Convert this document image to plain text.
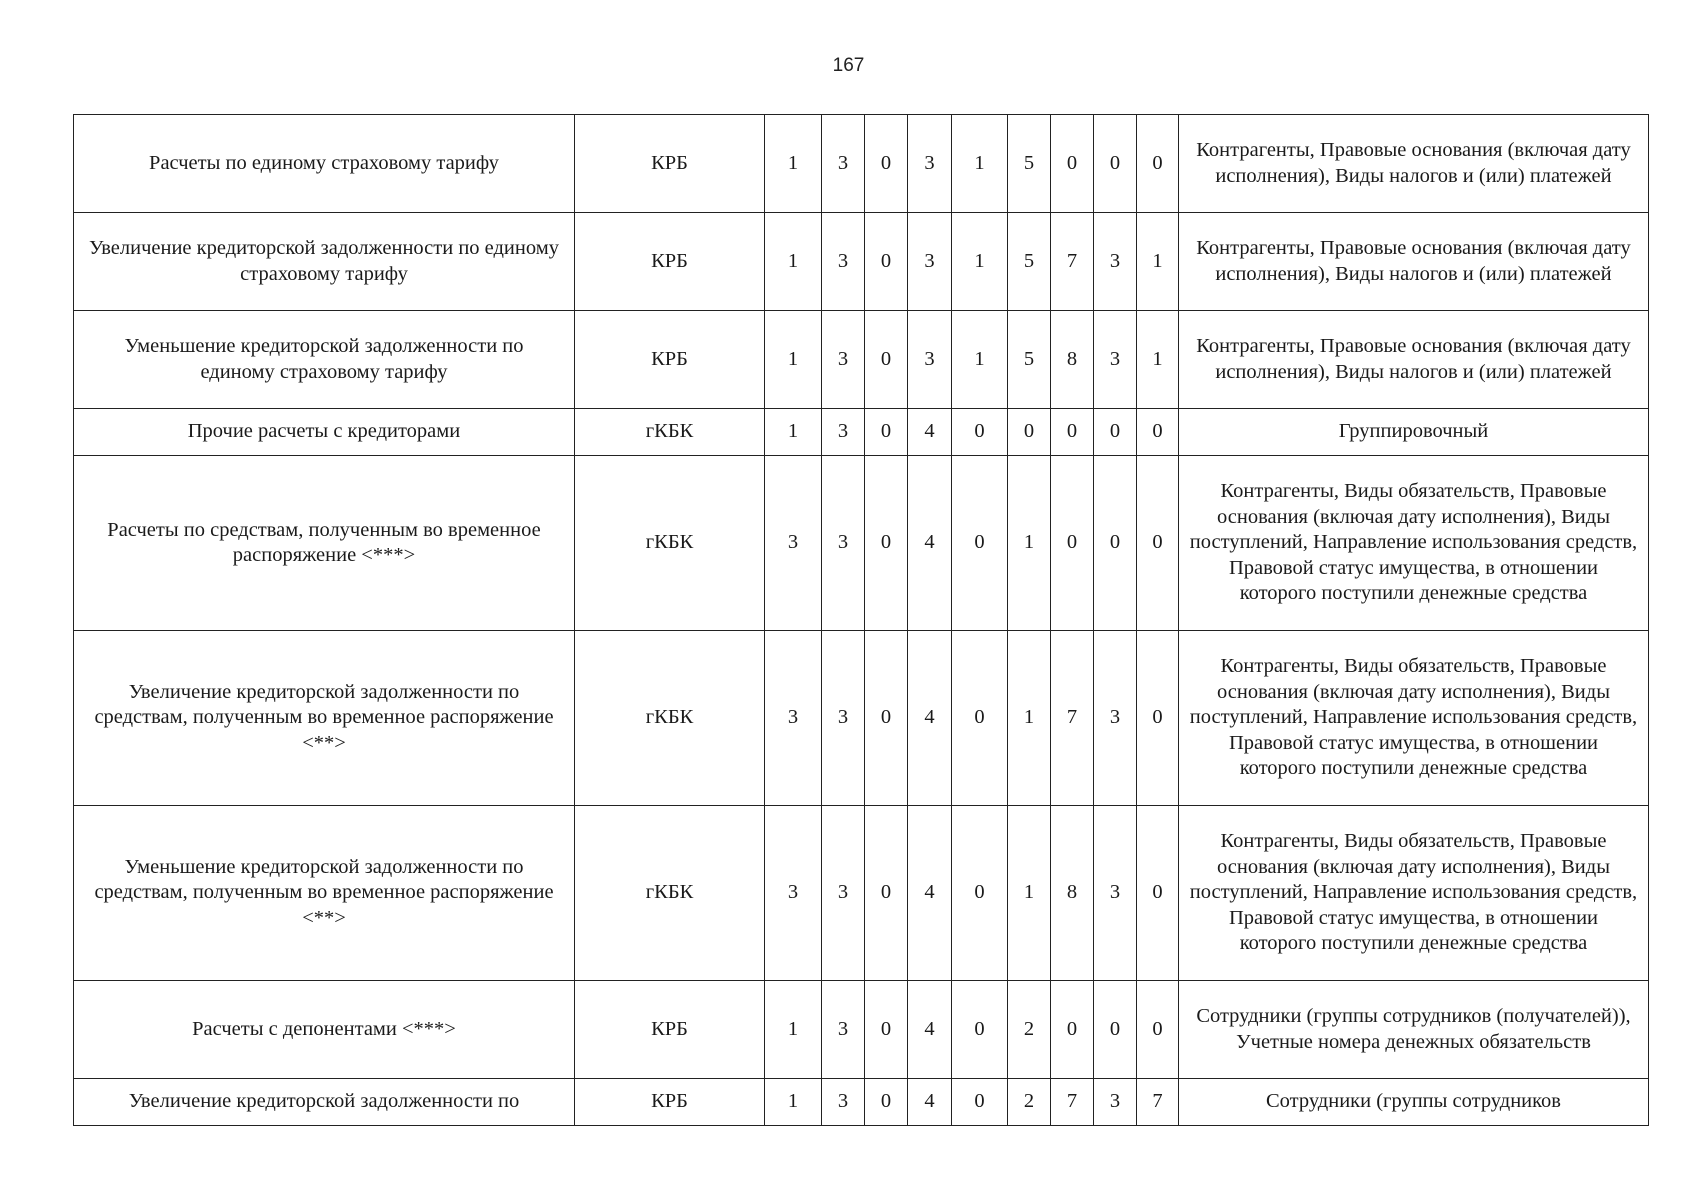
167
Расчеты по единому страховому тарифу	КРБ	1	3	0	3	1	5	0	0	0	Контрагенты, Правовые основания (включая дату исполнения), Виды налогов и (или) платежей
Увеличение кредиторской задолженности по единому страховому тарифу	КРБ	1	3	0	3	1	5	7	3	1	Контрагенты, Правовые основания (включая дату исполнения), Виды налогов и (или) платежей
Уменьшение кредиторской задолженности по единому страховому тарифу	КРБ	1	3	0	3	1	5	8	3	1	Контрагенты, Правовые основания (включая дату исполнения), Виды налогов и (или) платежей
Прочие расчеты с кредиторами	гКБК	1	3	0	4	0	0	0	0	0	Группировочный
Расчеты по средствам, полученным во временное распоряжение <***>	гКБК	3	3	0	4	0	1	0	0	0	Контрагенты, Виды обязательств, Правовые основания (включая дату исполнения), Виды поступлений, Направление использования средств, Правовой статус имущества, в отношении которого поступили денежные средства
Увеличение кредиторской задолженности по средствам, полученным во временное распоряжение <**>	гКБК	3	3	0	4	0	1	7	3	0	Контрагенты, Виды обязательств, Правовые основания (включая дату исполнения), Виды поступлений, Направление использования средств, Правовой статус имущества, в отношении которого поступили денежные средства
Уменьшение кредиторской задолженности по средствам, полученным во временное распоряжение <**>	гКБК	3	3	0	4	0	1	8	3	0	Контрагенты, Виды обязательств, Правовые основания (включая дату исполнения), Виды поступлений, Направление использования средств, Правовой статус имущества, в отношении которого поступили денежные средства
Расчеты с депонентами <***>	КРБ	1	3	0	4	0	2	0	0	0	Сотрудники (группы сотрудников (получателей)), Учетные номера денежных обязательств
Увеличение кредиторской задолженности по	КРБ	1	3	0	4	0	2	7	3	7	Сотрудники (группы сотрудников
